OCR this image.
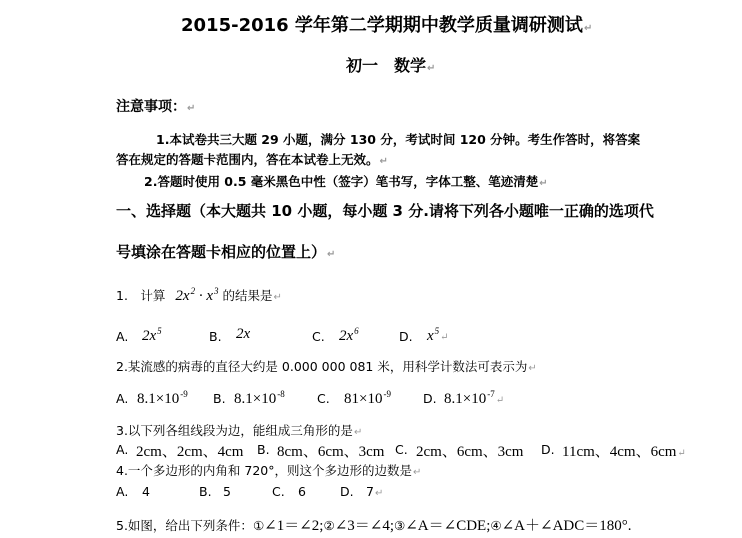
2015-2016 学年第二学期期中教学质量调研测试↵
初一　数学↵
注意事项：↵
1.本试卷共三大题 29 小题，满分 130 分，考试时间 120 分钟。考生作答时，将答案
答在规定的答题卡范围内，答在本试卷上无效。↵
2.答题时使用 0.5 毫米黑色中性（签字）笔书写，字体工整、笔迹清楚↵
一、选择题（本大题共 10 小题，每小题 3 分.请将下列各小题唯一正确的选项代
号填涂在答题卡相应的位置上）↵
1.　计算 $2x^2 \cdot x^3$ 的结果是↵
A. $2x^5$	B. 2x	C. $2x^6$	D. $x^5↵$
2.某流感的病毒的直径大约是 0.000 000 081 米，用科学计数法可表示为↵
A. $8.1\times 10^{-9}$ B. $8.1\times 10^{-8}$	C. $81\times 10^{-9}$	D. $8.1\times 10^{-7}↵$
3.以下列各组线段为边，能组成三角形的是↵
A. 2cm、2cm、4cm B. 8cm、6cm、3cm C. 2cm、6cm、3cm D. 11cm、4cm、6cm↵
4.一个多边形的内角和 720°，则这个多边形的边数是↵
A. 4	B. 5	C. 6	D. 7↵
5.如图，给出下列条件：①∠1＝∠2;②∠3＝∠4;③∠A＝∠CDE;④∠A＋∠ADC＝180°.
